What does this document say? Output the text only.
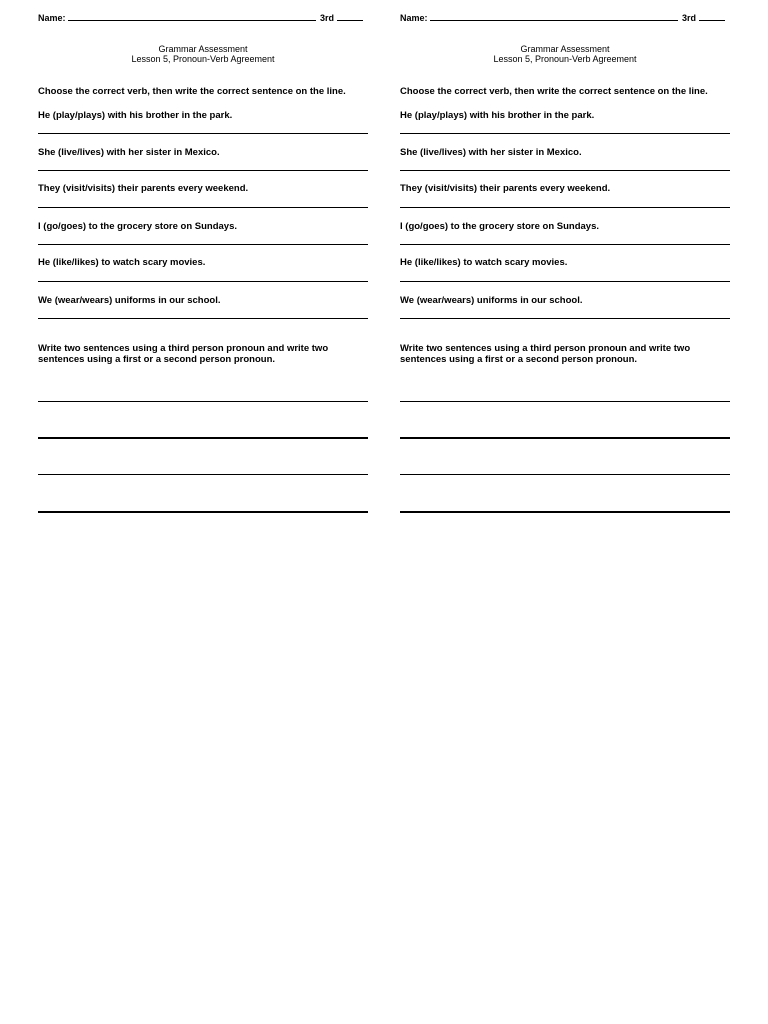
Name:	3rd
Grammar Assessment
Lesson 5, Pronoun-Verb Agreement
Choose the correct verb, then write the correct sentence on the line.
He (play/plays) with his brother in the park.
She (live/lives) with her sister in Mexico.
They (visit/visits) their parents every weekend.
I (go/goes) to the grocery store on Sundays.
He (like/likes) to watch scary movies.
We (wear/wears) uniforms in our school.
Write two sentences using a third person pronoun and write two sentences using a first or a second person pronoun.
Name:	3rd
Grammar Assessment
Lesson 5, Pronoun-Verb Agreement
Choose the correct verb, then write the correct sentence on the line.
He (play/plays) with his brother in the park.
She (live/lives) with her sister in Mexico.
They (visit/visits) their parents every weekend.
I (go/goes) to the grocery store on Sundays.
He (like/likes) to watch scary movies.
We (wear/wears) uniforms in our school.
Write two sentences using a third person pronoun and write two sentences using a first or a second person pronoun.
